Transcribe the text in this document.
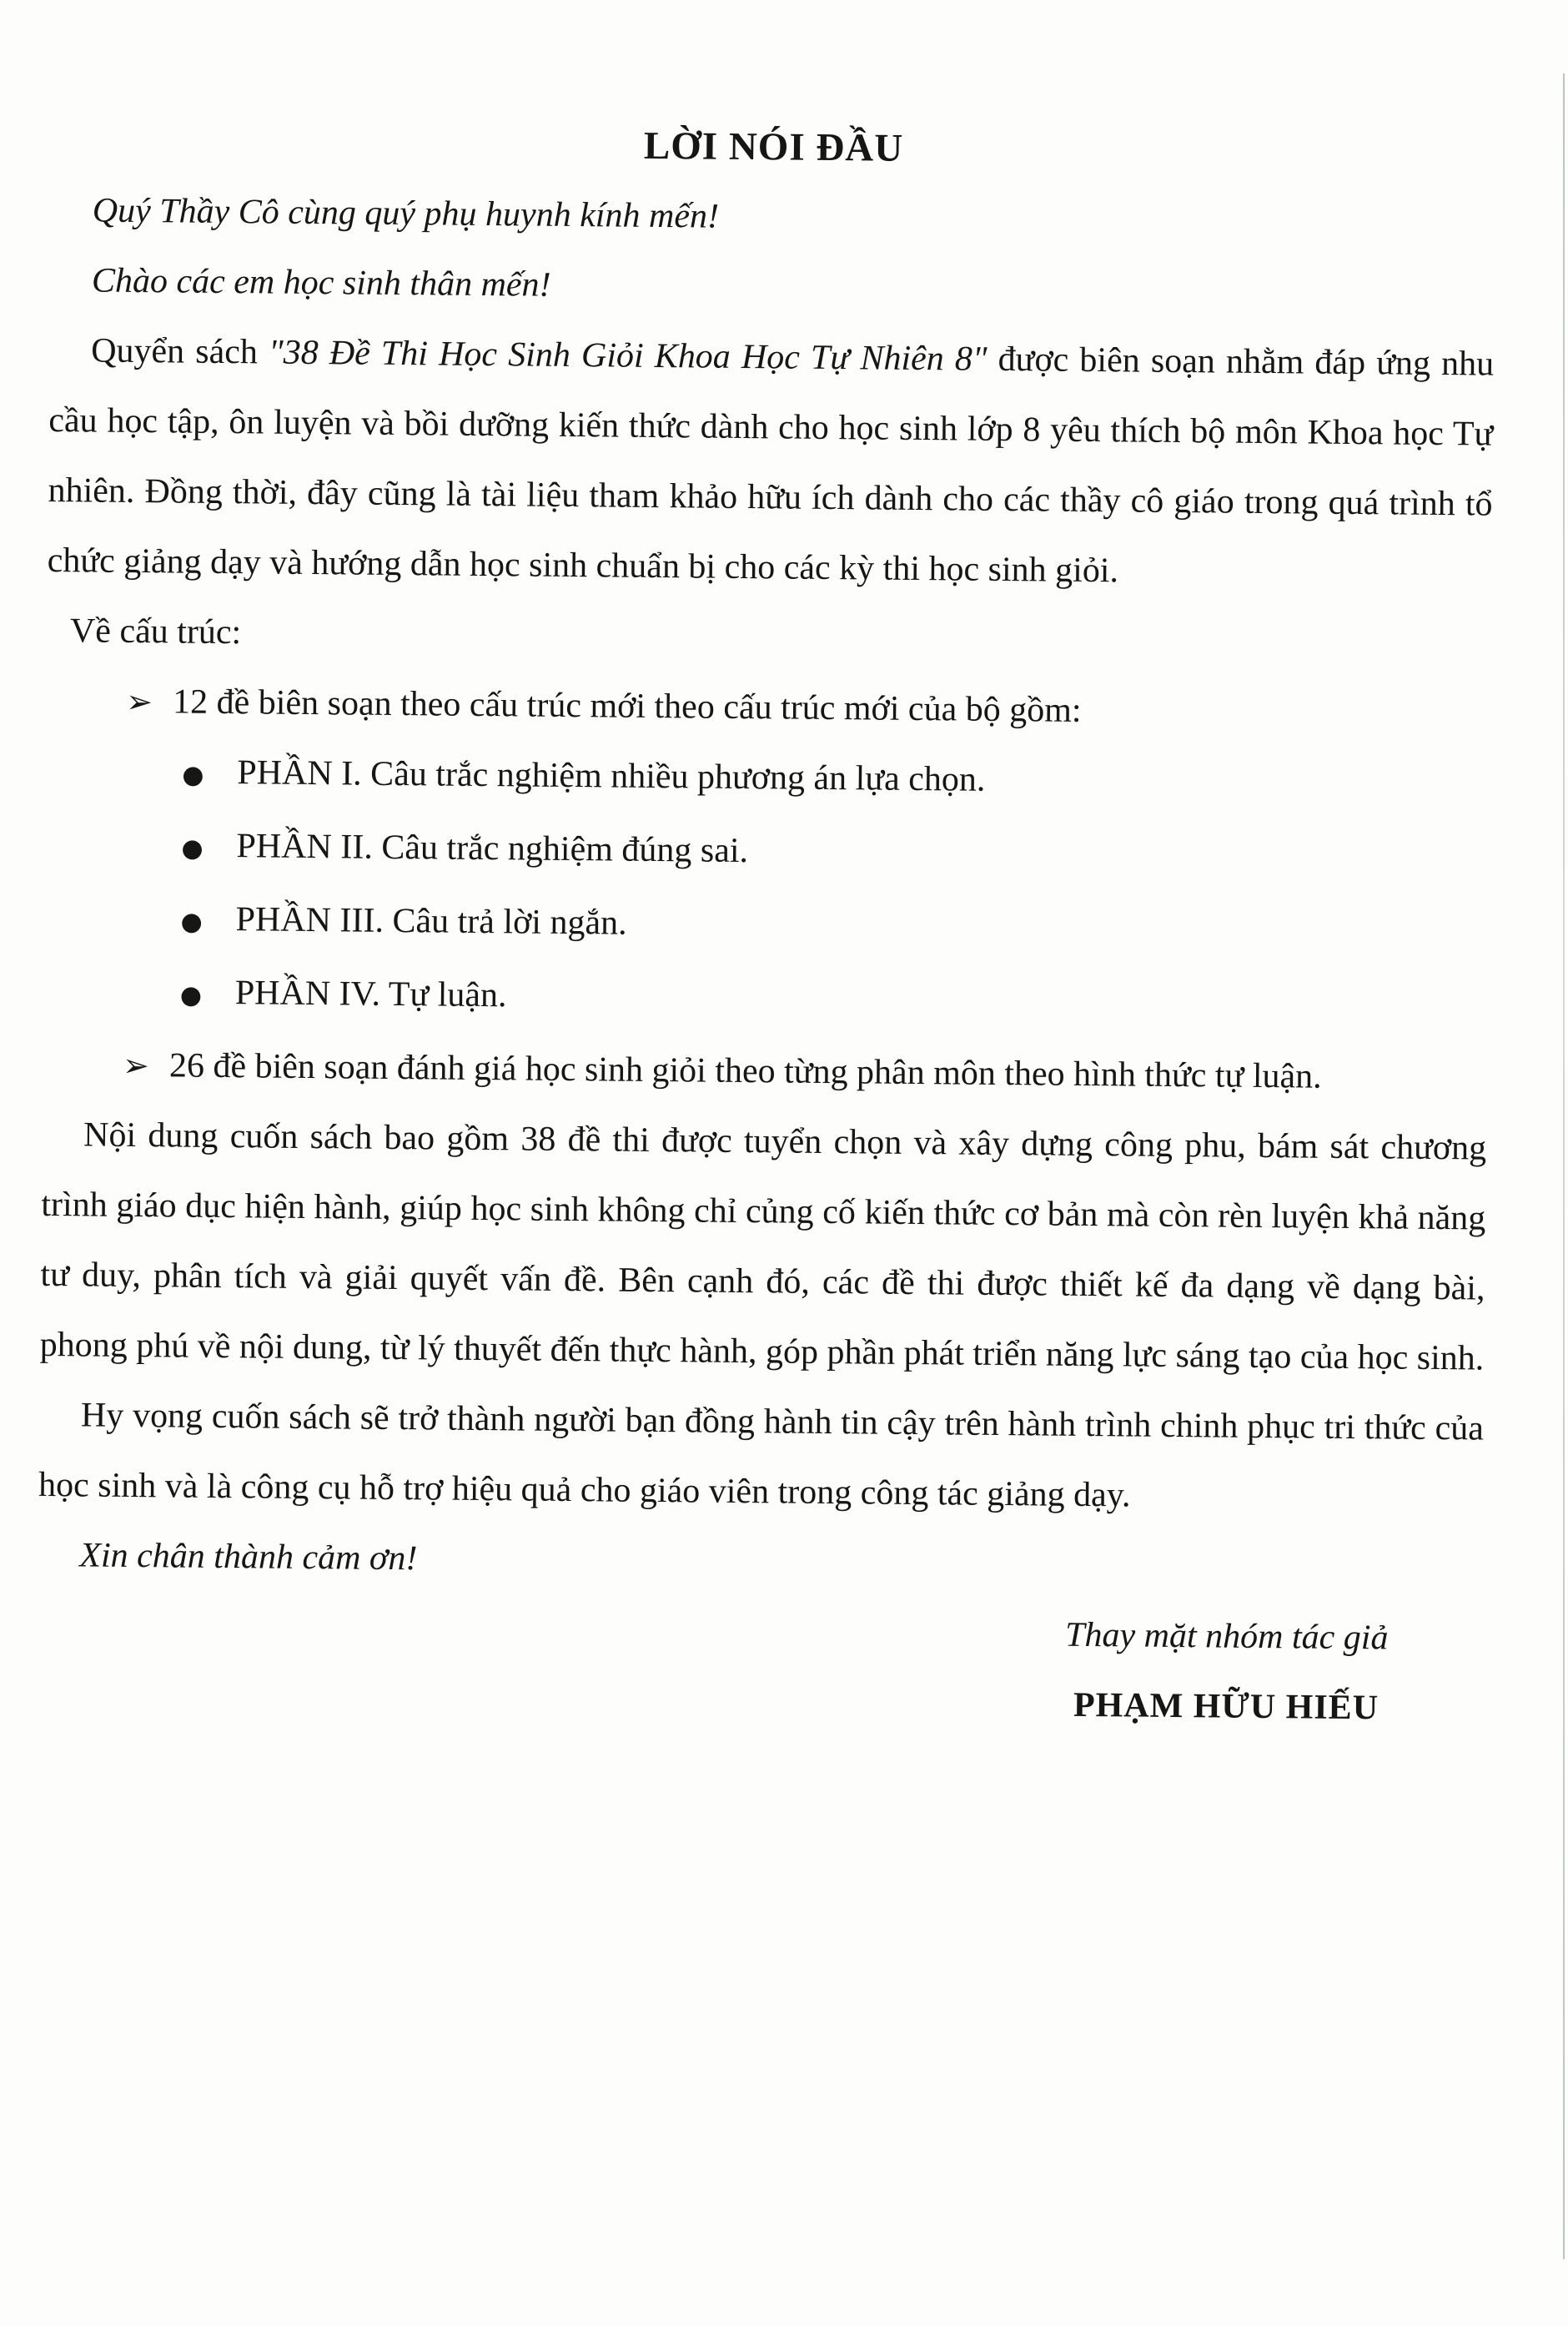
LỜI NÓI ĐẦU

Quý Thầy Cô cùng quý phụ huynh kính mến!

Chào các em học sinh thân mến!

Quyển sách "38 Đề Thi Học Sinh Giỏi Khoa Học Tự Nhiên 8" được biên soạn nhằm đáp ứng nhu cầu học tập, ôn luyện và bồi dưỡng kiến thức dành cho học sinh lớp 8 yêu thích bộ môn Khoa học Tự nhiên. Đồng thời, đây cũng là tài liệu tham khảo hữu ích dành cho các thầy cô giáo trong quá trình tổ chức giảng dạy và hướng dẫn học sinh chuẩn bị cho các kỳ thi học sinh giỏi.

Về cấu trúc:

➢ 12 đề biên soạn theo cấu trúc mới theo cấu trúc mới của bộ gồm:
● PHẦN I. Câu trắc nghiệm nhiều phương án lựa chọn.
● PHẦN II. Câu trắc nghiệm đúng sai.
● PHẦN III. Câu trả lời ngắn.
● PHẦN IV. Tự luận.
➢ 26 đề biên soạn đánh giá học sinh giỏi theo từng phân môn theo hình thức tự luận.

Nội dung cuốn sách bao gồm 38 đề thi được tuyển chọn và xây dựng công phu, bám sát chương trình giáo dục hiện hành, giúp học sinh không chỉ củng cố kiến thức cơ bản mà còn rèn luyện khả năng tư duy, phân tích và giải quyết vấn đề. Bên cạnh đó, các đề thi được thiết kế đa dạng về dạng bài, phong phú về nội dung, từ lý thuyết đến thực hành, góp phần phát triển năng lực sáng tạo của học sinh.

Hy vọng cuốn sách sẽ trở thành người bạn đồng hành tin cậy trên hành trình chinh phục tri thức của học sinh và là công cụ hỗ trợ hiệu quả cho giáo viên trong công tác giảng dạy.

Xin chân thành cảm ơn!

Thay mặt nhóm tác giả
PHẠM HỮU HIẾU
